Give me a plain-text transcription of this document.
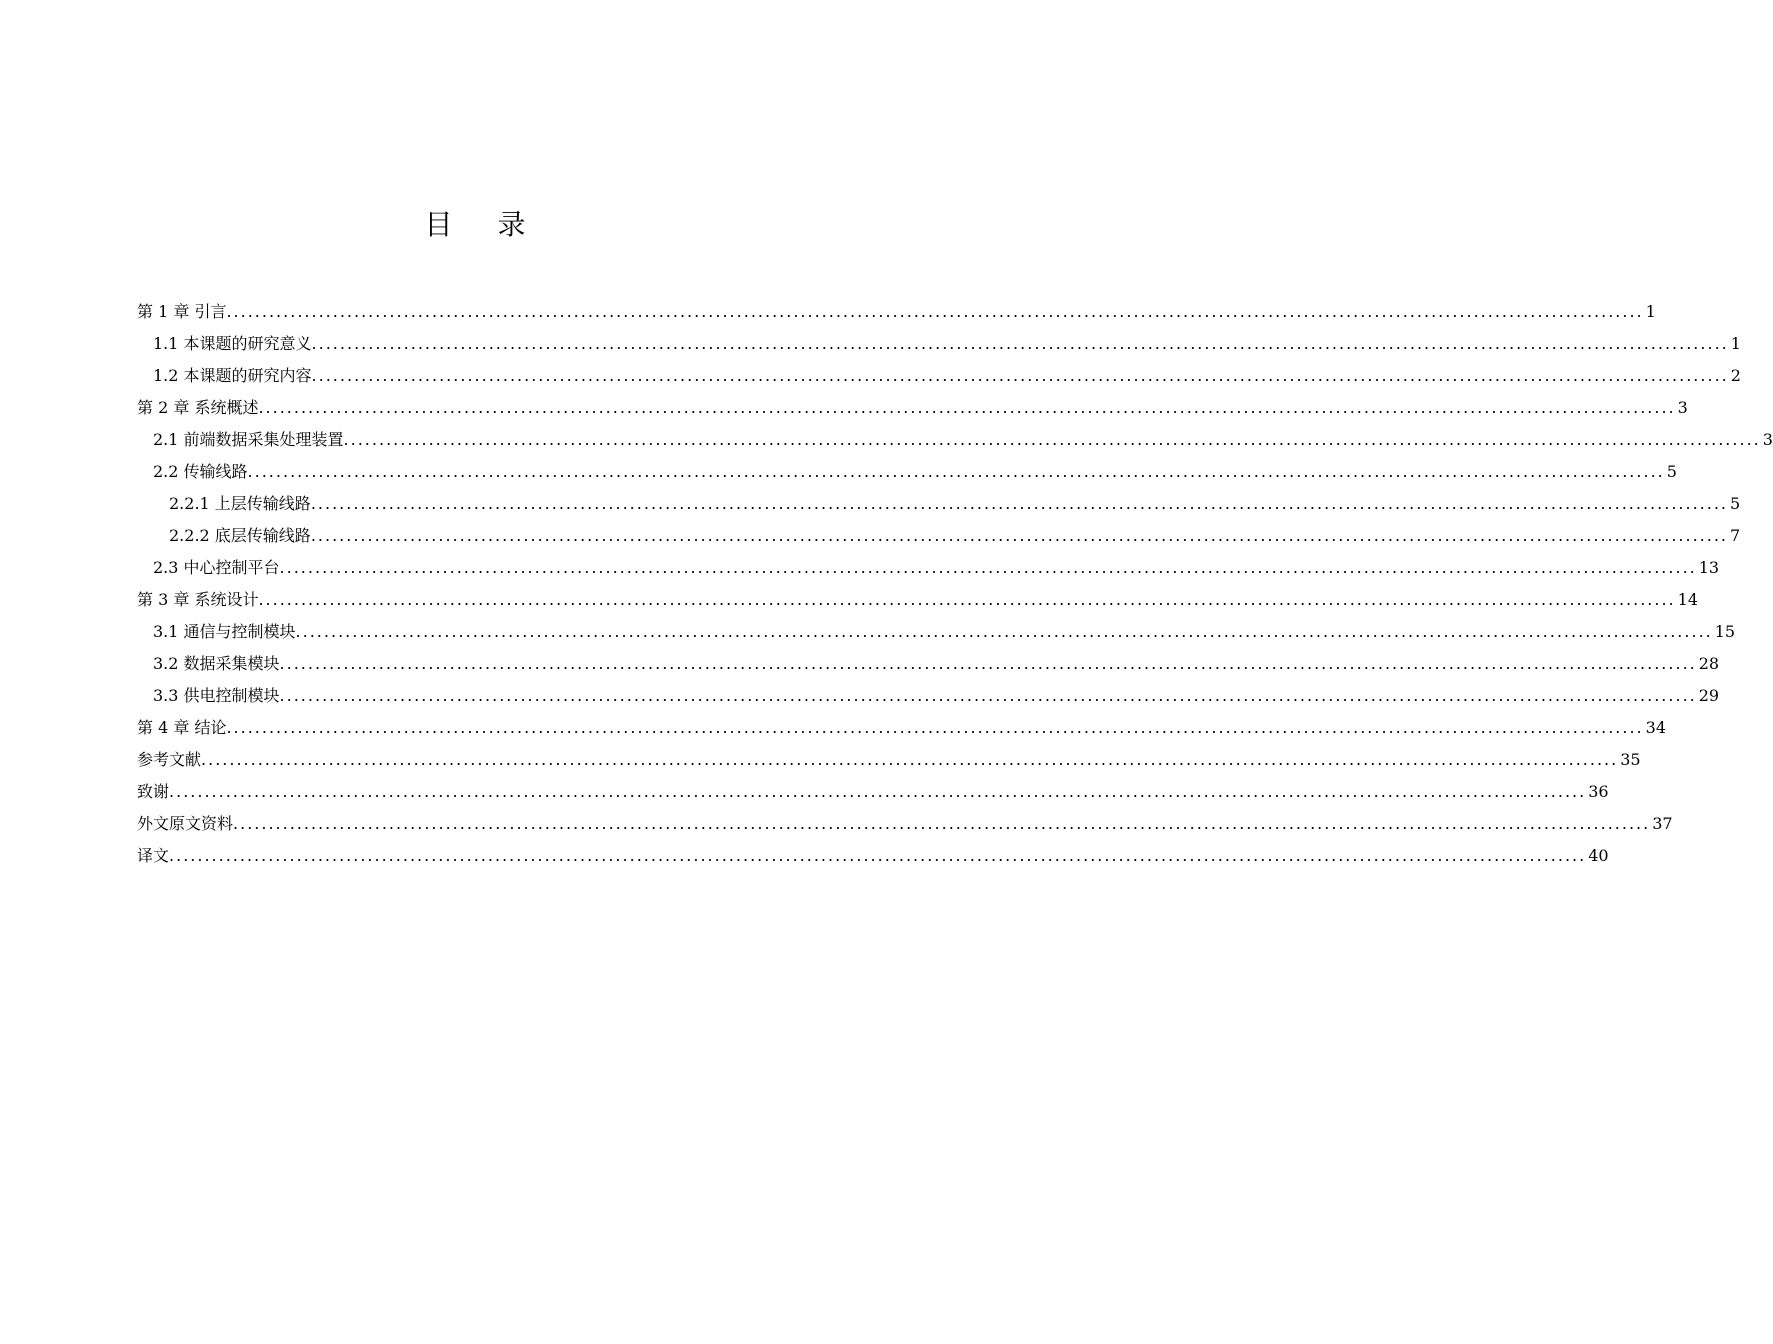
目 录
第 1 章 引言 ........................................................................................................................................................................................................ 1
1.1 本课题的研究意义 ........................................................................................................................................................................................................ 1
1.2 本课题的研究内容 ........................................................................................................................................................................................................ 2
第 2 章 系统概述 ........................................................................................................................................................................................................ 3
2.1 前端数据采集处理装置 ........................................................................................................................................................................................................ 3
2.2 传输线路 ........................................................................................................................................................................................................ 5
2.2.1 上层传输线路 ........................................................................................................................................................................................................ 5
2.2.2 底层传输线路 ........................................................................................................................................................................................................ 7
2.3 中心控制平台 ........................................................................................................................................................................................................ 13
第 3 章 系统设计 ........................................................................................................................................................................................................ 14
3.1 通信与控制模块 ........................................................................................................................................................................................................ 15
3.2 数据采集模块 ........................................................................................................................................................................................................ 28
3.3 供电控制模块 ........................................................................................................................................................................................................ 29
第 4 章 结论 ........................................................................................................................................................................................................ 34
参考文献 ........................................................................................................................................................................................................ 35
致谢 ........................................................................................................................................................................................................ 36
外文原文资料 ........................................................................................................................................................................................................ 37
译文 ........................................................................................................................................................................................................ 40
